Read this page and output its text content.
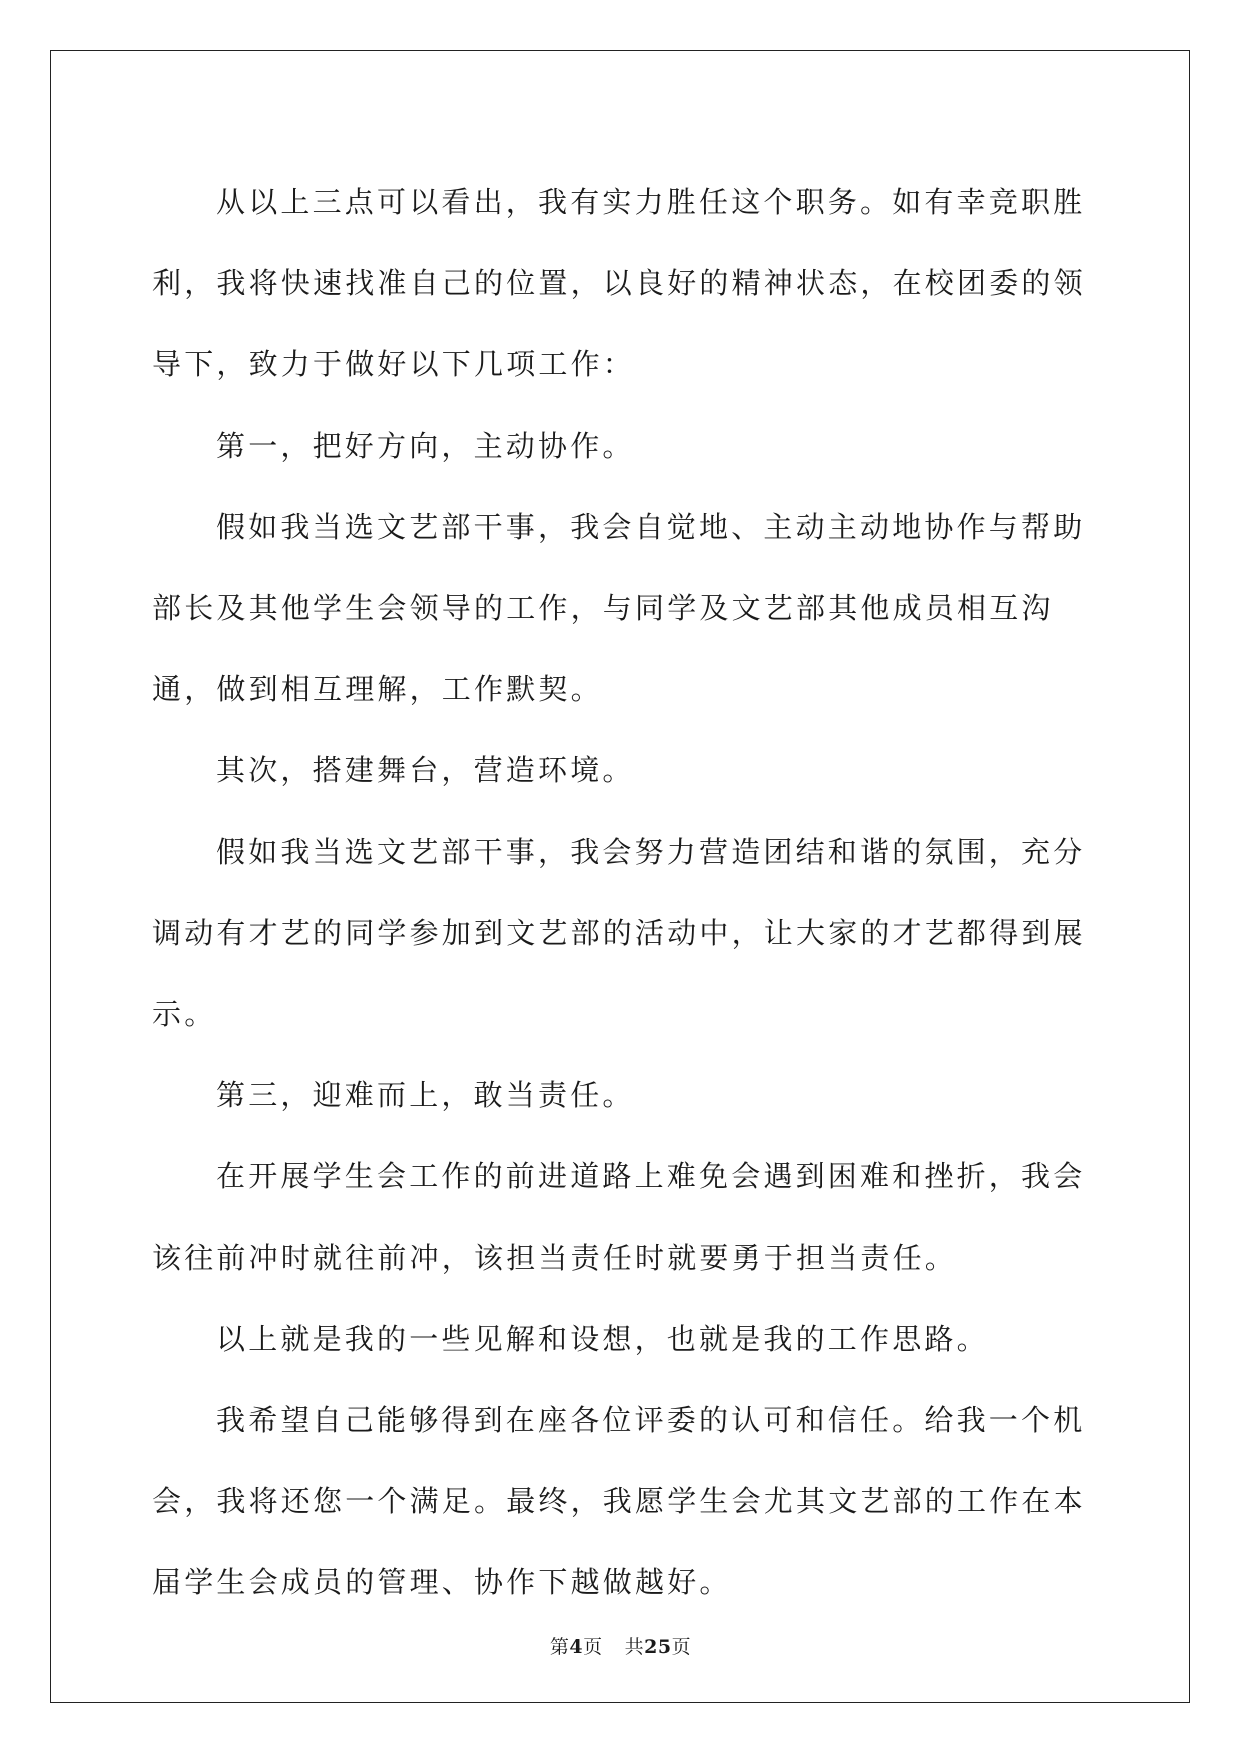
从以上三点可以看出，我有实力胜任这个职务。如有幸竞职胜利，我将快速找准自己的位置，以良好的精神状态，在校团委的领导下，致力于做好以下几项工作：

第一，把好方向，主动协作。

假如我当选文艺部干事，我会自觉地、主动主动地协作与帮助部长及其他学生会领导的工作，与同学及文艺部其他成员相互沟通，做到相互理解，工作默契。

其次，搭建舞台，营造环境。

假如我当选文艺部干事，我会努力营造团结和谐的氛围，充分调动有才艺的同学参加到文艺部的活动中，让大家的才艺都得到展示。

第三，迎难而上，敢当责任。

在开展学生会工作的前进道路上难免会遇到困难和挫折，我会该往前冲时就往前冲，该担当责任时就要勇于担当责任。

以上就是我的一些见解和设想，也就是我的工作思路。

我希望自己能够得到在座各位评委的认可和信任。给我一个机会，我将还您一个满足。最终，我愿学生会尤其文艺部的工作在本届学生会成员的管理、协作下越做越好。

第4页 共25页
